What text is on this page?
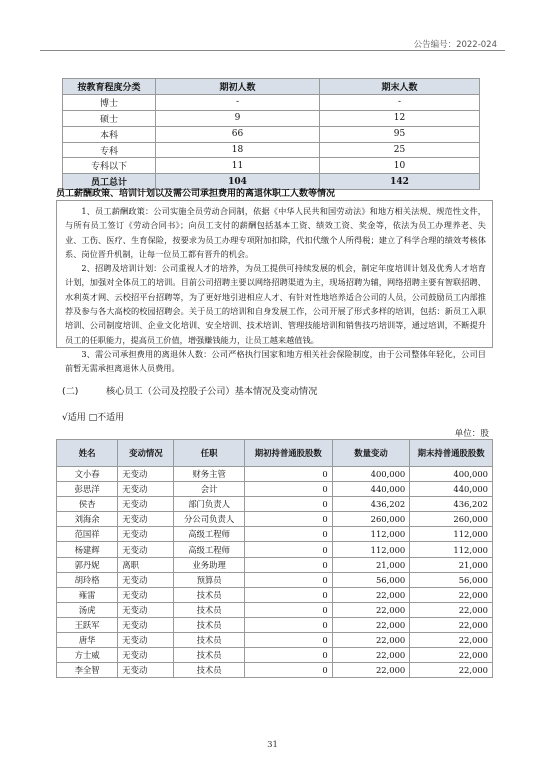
公告编号：2022-024
按教育程度分类	期初人数	期末人数
博士	-	-
硕士	9	12
本科	66	95
专科	18	25
专科以下	11	10
员工总计	104	142
员工薪酬政策、培训计划以及需公司承担费用的离退休职工人数等情况

1、员工薪酬政策：公司实施全员劳动合同制，依据《中华人民共和国劳动法》和地方相关法规、规范性文件，与所有员工签订《劳动合同书》；向员工支付的薪酬包括基本工资、绩效工资、奖金等，依法为员工办理养老、失业、工伤、医疗、生育保险，按要求为员工办理专项附加扣除，代扣代缴个人所得税；建立了科学合理的绩效考核体系、岗位晋升机制，让每一位员工都有晋升的机会。

2、招聘及培训计划：公司重视人才的培养，为员工提供可持续发展的机会，制定年度培训计划及优秀人才培育计划，加强对全体员工的培训。目前公司招聘主要以网络招聘渠道为主，现场招聘为辅，网络招聘主要有智联招聘、水利英才网、云校招平台招聘等，为了更好地引进相应人才、有针对性地培养适合公司的人员，公司鼓励员工内部推荐及参与各大高校的校园招聘会。关于员工的培训和自身发展工作，公司开展了形式多样的培训，包括：新员工入职培训、公司制度培训、企业文化培训、安全培训、技术培训、管理技能培训和销售技巧培训等，通过培训，不断提升员工的任职能力，提高员工价值，增强赚钱能力，让员工越来越值钱。

3、需公司承担费用的离退休人数：公司严格执行国家和地方相关社会保险制度，由于公司整体年轻化，公司目前暂无需承担离退休人员费用。

(二)	核心员工（公司及控股子公司）基本情况及变动情况
√适用 □不适用
单位：股
姓名	变动情况	任职	期初持普通股股数	数量变动	期末持普通股股数
文小春	无变动	财务主管	0	400,000	400,000
彭思洋	无变动	会计	0	440,000	440,000
侯杏	无变动	部门负责人	0	436,202	436,202
刘海余	无变动	分公司负责人	0	260,000	260,000
范国祥	无变动	高级工程师	0	112,000	112,000
杨建辉	无变动	高级工程师	0	112,000	112,000
郭丹妮	离职	业务助理	0	21,000	21,000
胡玲格	无变动	预算员	0	56,000	56,000
雍雷	无变动	技术员	0	22,000	22,000
汤虎	无变动	技术员	0	22,000	22,000
王跃军	无变动	技术员	0	22,000	22,000
唐华	无变动	技术员	0	22,000	22,000
方士威	无变动	技术员	0	22,000	22,000
李全智	无变动	技术员	0	22,000	22,000
31
